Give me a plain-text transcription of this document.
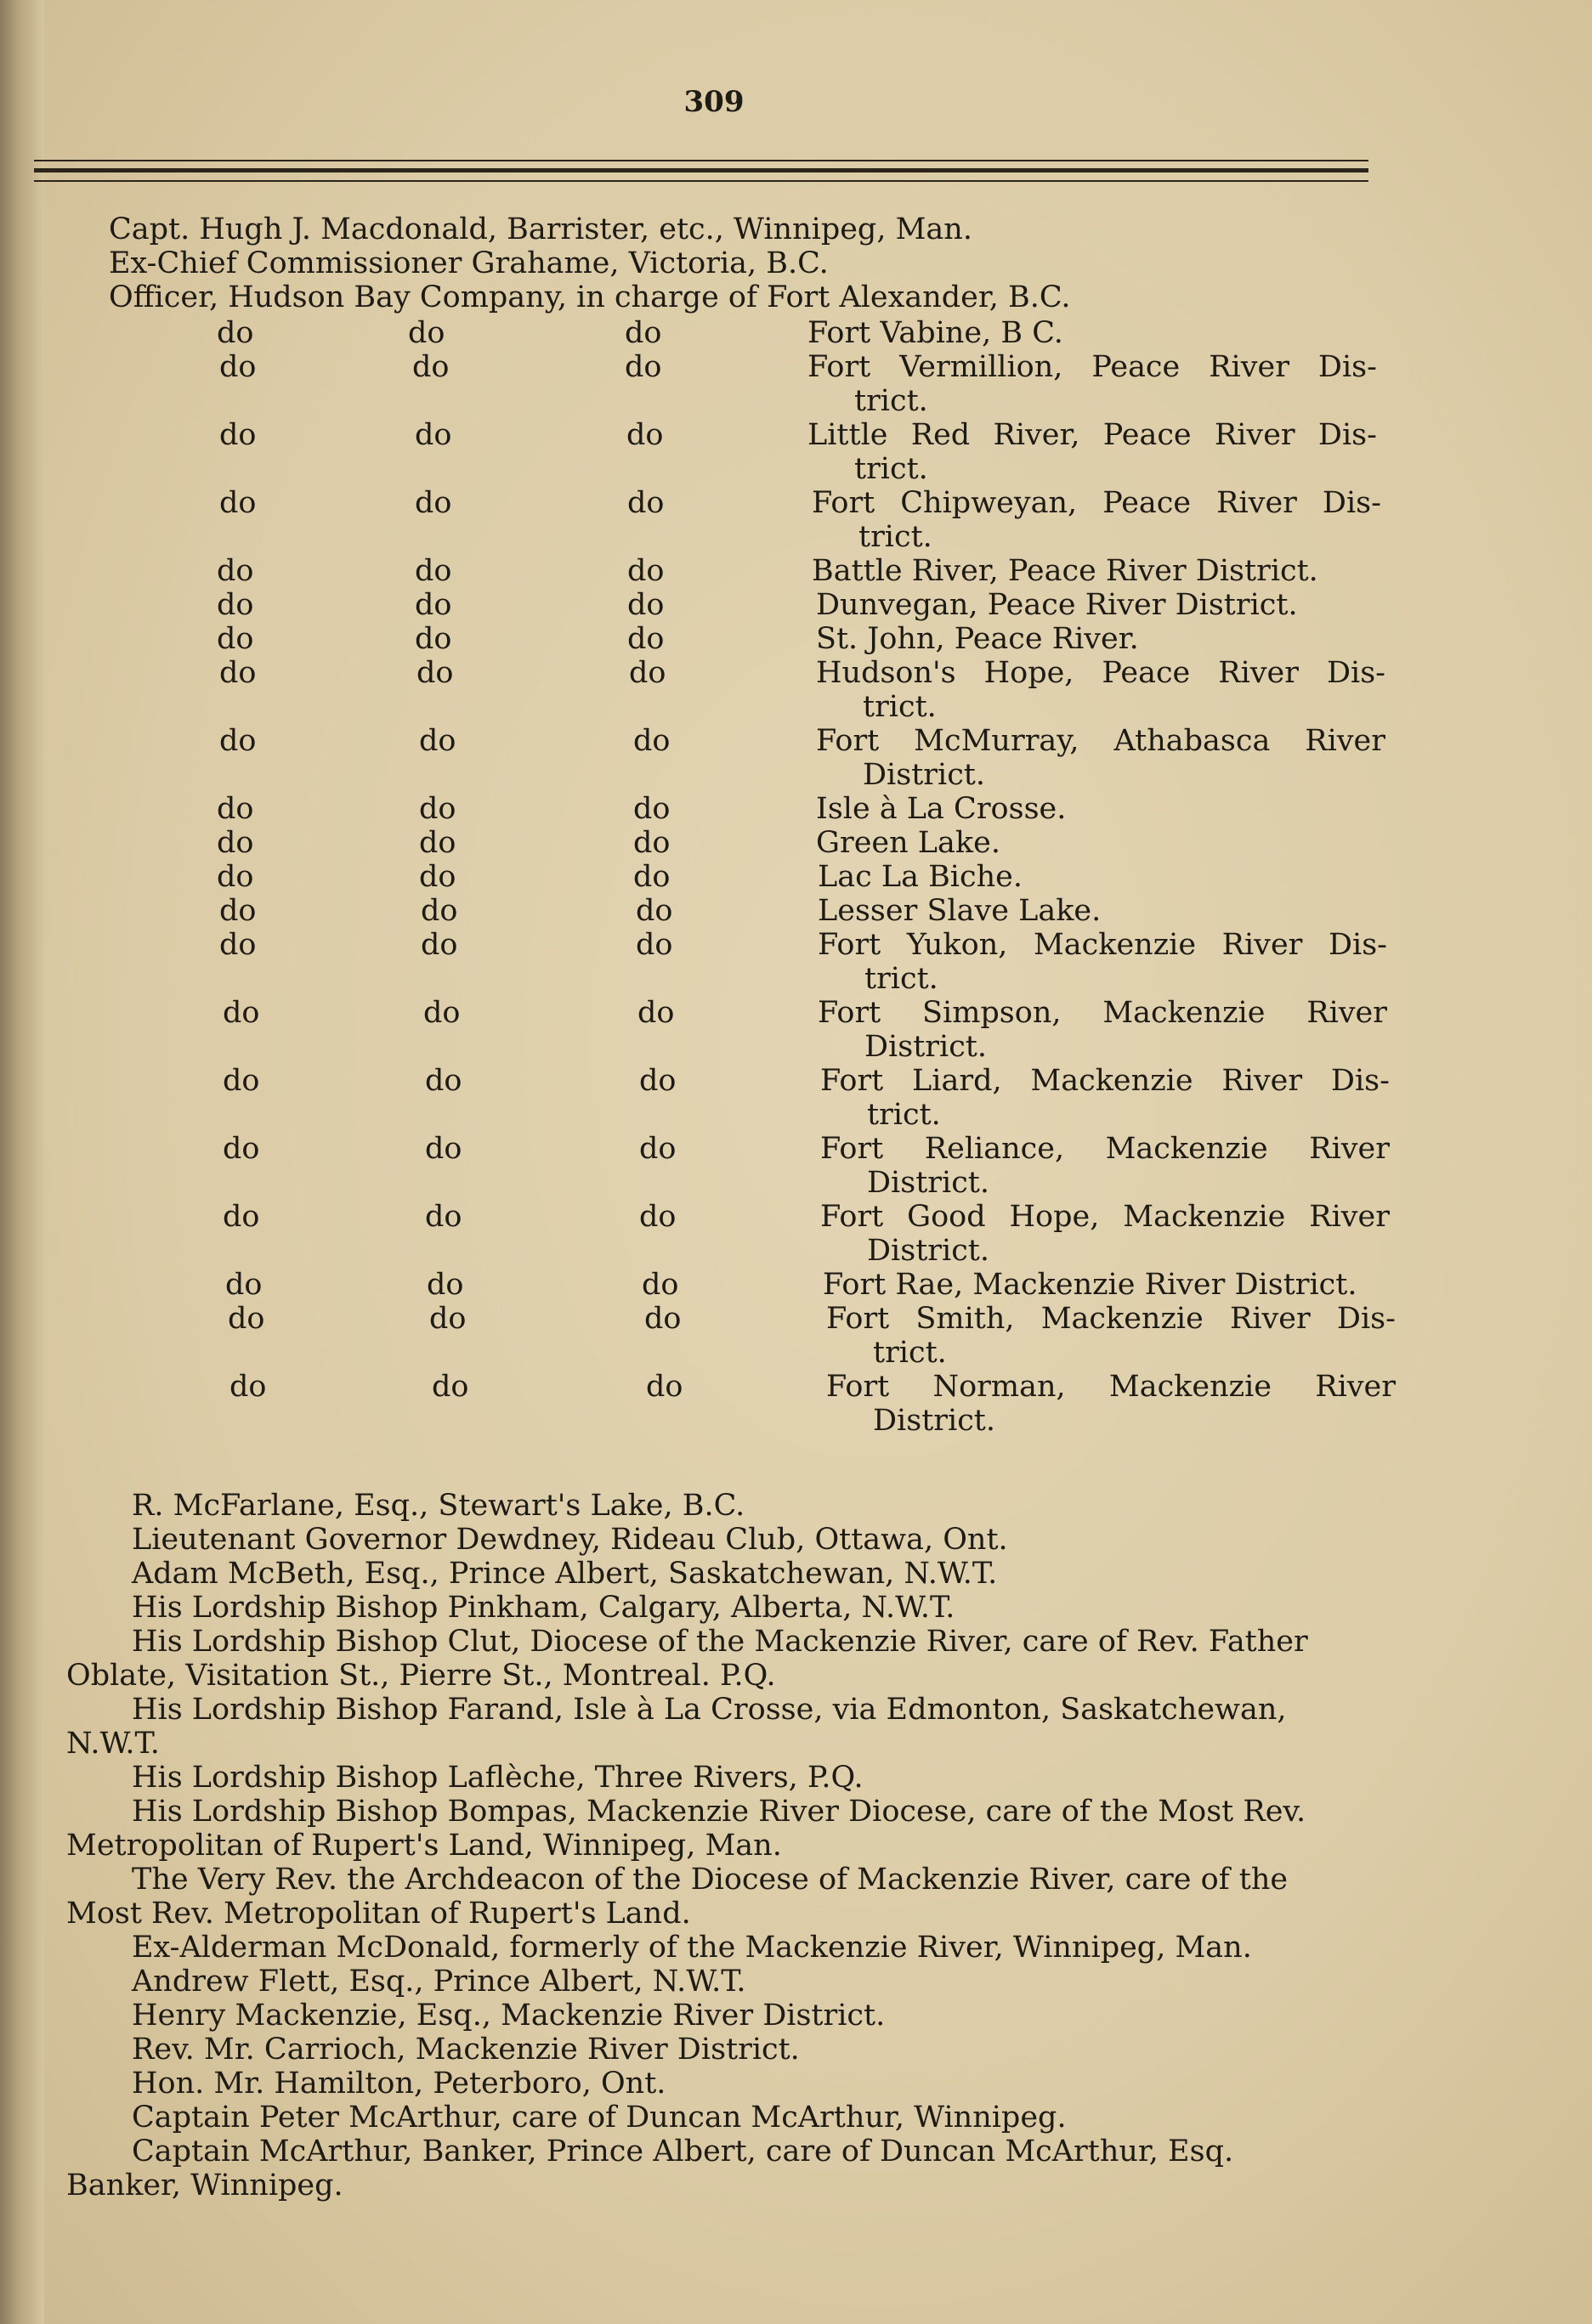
309
Capt. Hugh J. Macdonald, Barrister, etc., Winnipeg, Man.
Ex-Chief Commissioner Grahame, Victoria, B.C.
Officer, Hudson Bay Company, in charge of Fort Alexander, B.C.
do	do	do	Fort Vabine, B C.
do	do	do	Fort Vermillion, Peace River Dis-
trict.
do	do	do	Little Red River, Peace River Dis-
trict.
do	do	do	Fort Chipweyan, Peace River Dis-
trict.
do	do	do	Battle River, Peace River District.
do	do	do	Dunvegan, Peace River District.
do	do	do	St. John, Peace River.
do	do	do	Hudson's Hope, Peace River Dis-
trict.
do	do	do	Fort McMurray, Athabasca River
District.
do	do	do	Isle à La Crosse.
do	do	do	Green Lake.
do	do	do	Lac La Biche.
do	do	do	Lesser Slave Lake.
do	do	do	Fort Yukon, Mackenzie River Dis-
trict.
do	do	do	Fort Simpson, Mackenzie River
District.
do	do	do	Fort Liard, Mackenzie River Dis-
trict.
do	do	do	Fort Reliance, Mackenzie River
District.
do	do	do	Fort Good Hope, Mackenzie River
District.
do	do	do	Fort Rae, Mackenzie River District.
do	do	do	Fort Smith, Mackenzie River Dis-
trict.
do	do	do	Fort Norman, Mackenzie River
District.
R. McFarlane, Esq., Stewart's Lake, B.C.
Lieutenant Governor Dewdney, Rideau Club, Ottawa, Ont.
Adam McBeth, Esq., Prince Albert, Saskatchewan, N.W.T.
His Lordship Bishop Pinkham, Calgary, Alberta, N.W.T.
His Lordship Bishop Clut, Diocese of the Mackenzie River, care of Rev. Father
Oblate, Visitation St., Pierre St., Montreal. P.Q.
His Lordship Bishop Farand, Isle à La Crosse, via Edmonton, Saskatchewan,
N.W.T.
His Lordship Bishop Laflèche, Three Rivers, P.Q.
His Lordship Bishop Bompas, Mackenzie River Diocese, care of the Most Rev.
Metropolitan of Rupert's Land, Winnipeg, Man.
The Very Rev. the Archdeacon of the Diocese of Mackenzie River, care of the
Most Rev. Metropolitan of Rupert's Land.
Ex-Alderman McDonald, formerly of the Mackenzie River, Winnipeg, Man.
Andrew Flett, Esq., Prince Albert, N.W.T.
Henry Mackenzie, Esq., Mackenzie River District.
Rev. Mr. Carrioch, Mackenzie River District.
Hon. Mr. Hamilton, Peterboro, Ont.
Captain Peter McArthur, care of Duncan McArthur, Winnipeg.
Captain McArthur, Banker, Prince Albert, care of Duncan McArthur, Esq.
Banker, Winnipeg.
